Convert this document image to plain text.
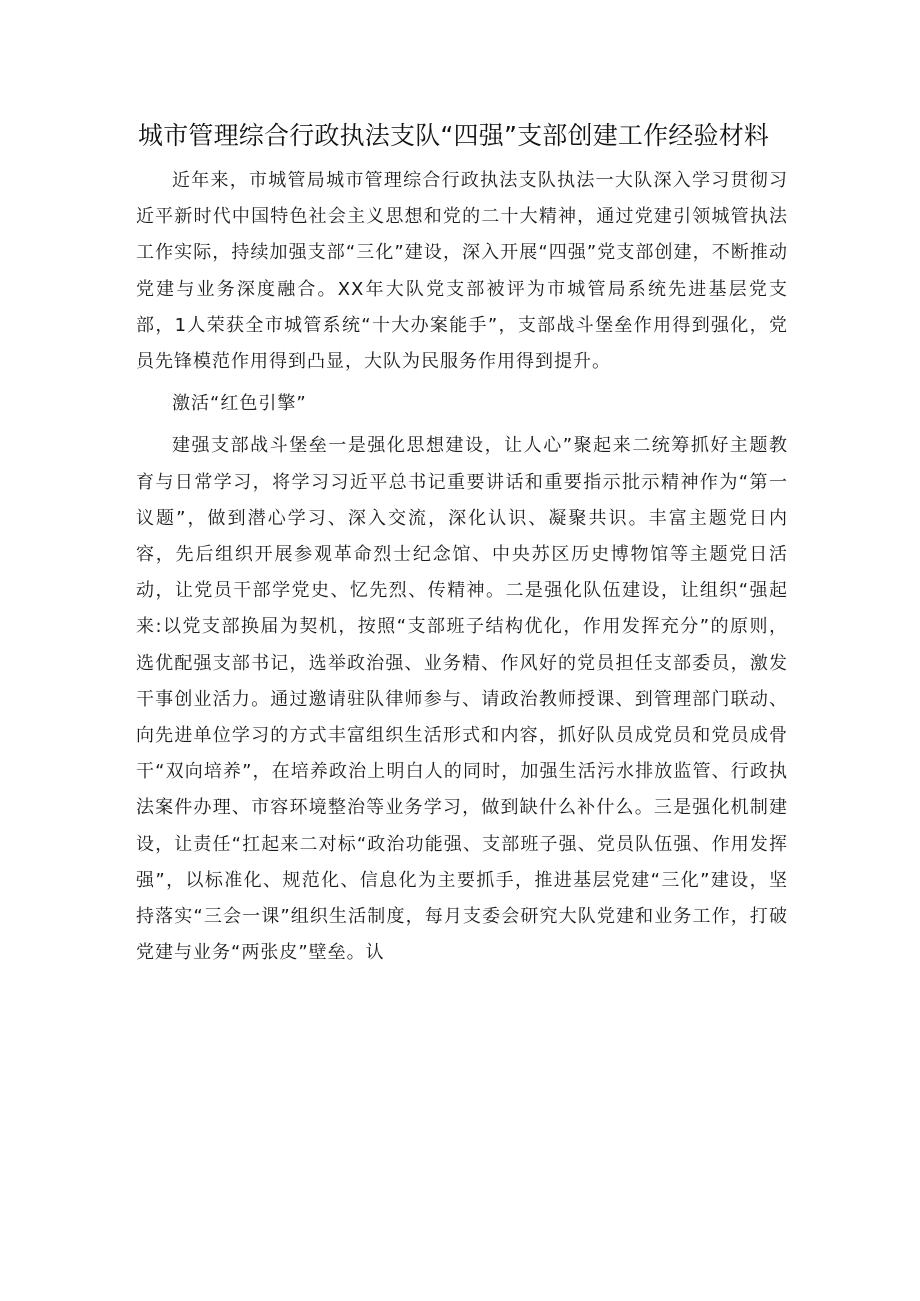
城市管理综合行政执法支队“四强”支部创建工作经验材料

近年来，市城管局城市管理综合行政执法支队执法一大队深入学习贯彻习近平新时代中国特色社会主义思想和党的二十大精神，通过党建引领城管执法工作实际，持续加强支部“三化”建设，深入开展“四强”党支部创建，不断推动党建与业务深度融合。XX年大队党支部被评为市城管局系统先进基层党支部，1人荣获全市城管系统“十大办案能手”，支部战斗堡垒作用得到强化，党员先锋模范作用得到凸显，大队为民服务作用得到提升。

激活“红色引擎”

建强支部战斗堡垒一是强化思想建设，让人心”聚起来二统筹抓好主题教育与日常学习，将学习习近平总书记重要讲话和重要指示批示精神作为“第一议题”，做到潜心学习、深入交流，深化认识、凝聚共识。丰富主题党日内容，先后组织开展参观革命烈士纪念馆、中央苏区历史博物馆等主题党日活动，让党员干部学党史、忆先烈、传精神。二是强化队伍建设，让组织“强起来:以党支部换届为契机，按照“支部班子结构优化，作用发挥充分”的原则，选优配强支部书记，选举政治强、业务精、作风好的党员担任支部委员，激发干事创业活力。通过邀请驻队律师参与、请政治教师授课、到管理部门联动、向先进单位学习的方式丰富组织生活形式和内容，抓好队员成党员和党员成骨干“双向培养”，在培养政治上明白人的同时，加强生活污水排放监管、行政执法案件办理、市容环境整治等业务学习，做到缺什么补什么。三是强化机制建设，让责任“扛起来二对标“政治功能强、支部班子强、党员队伍强、作用发挥强”，以标准化、规范化、信息化为主要抓手，推进基层党建“三化”建设，坚持落实“三会一课”组织生活制度，每月支委会研究大队党建和业务工作，打破党建与业务“两张皮”壁垒。认
